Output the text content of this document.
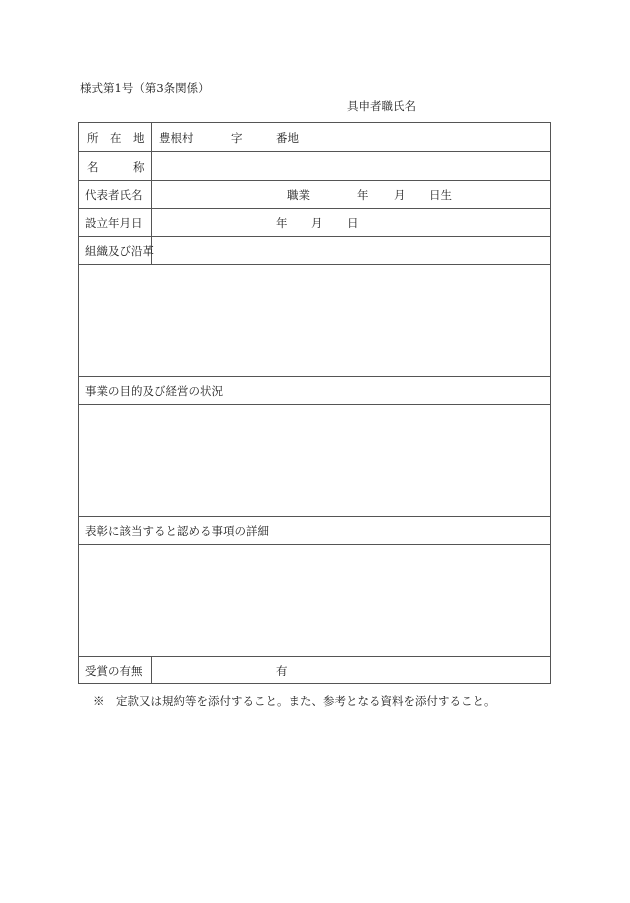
様式第1号（第3条関係）
具申者職氏名
所　在　地 豊根村	字	番地
名　　　称
代表者氏名	職業	年 月 日生
設立年月日	年 月 日
組織及び沿革
事業の目的及び経営の状況
表彰に該当すると認める事項の詳細
受賞の有無	有
※　定款又は規約等を添付すること。また、参考となる資料を添付すること。
